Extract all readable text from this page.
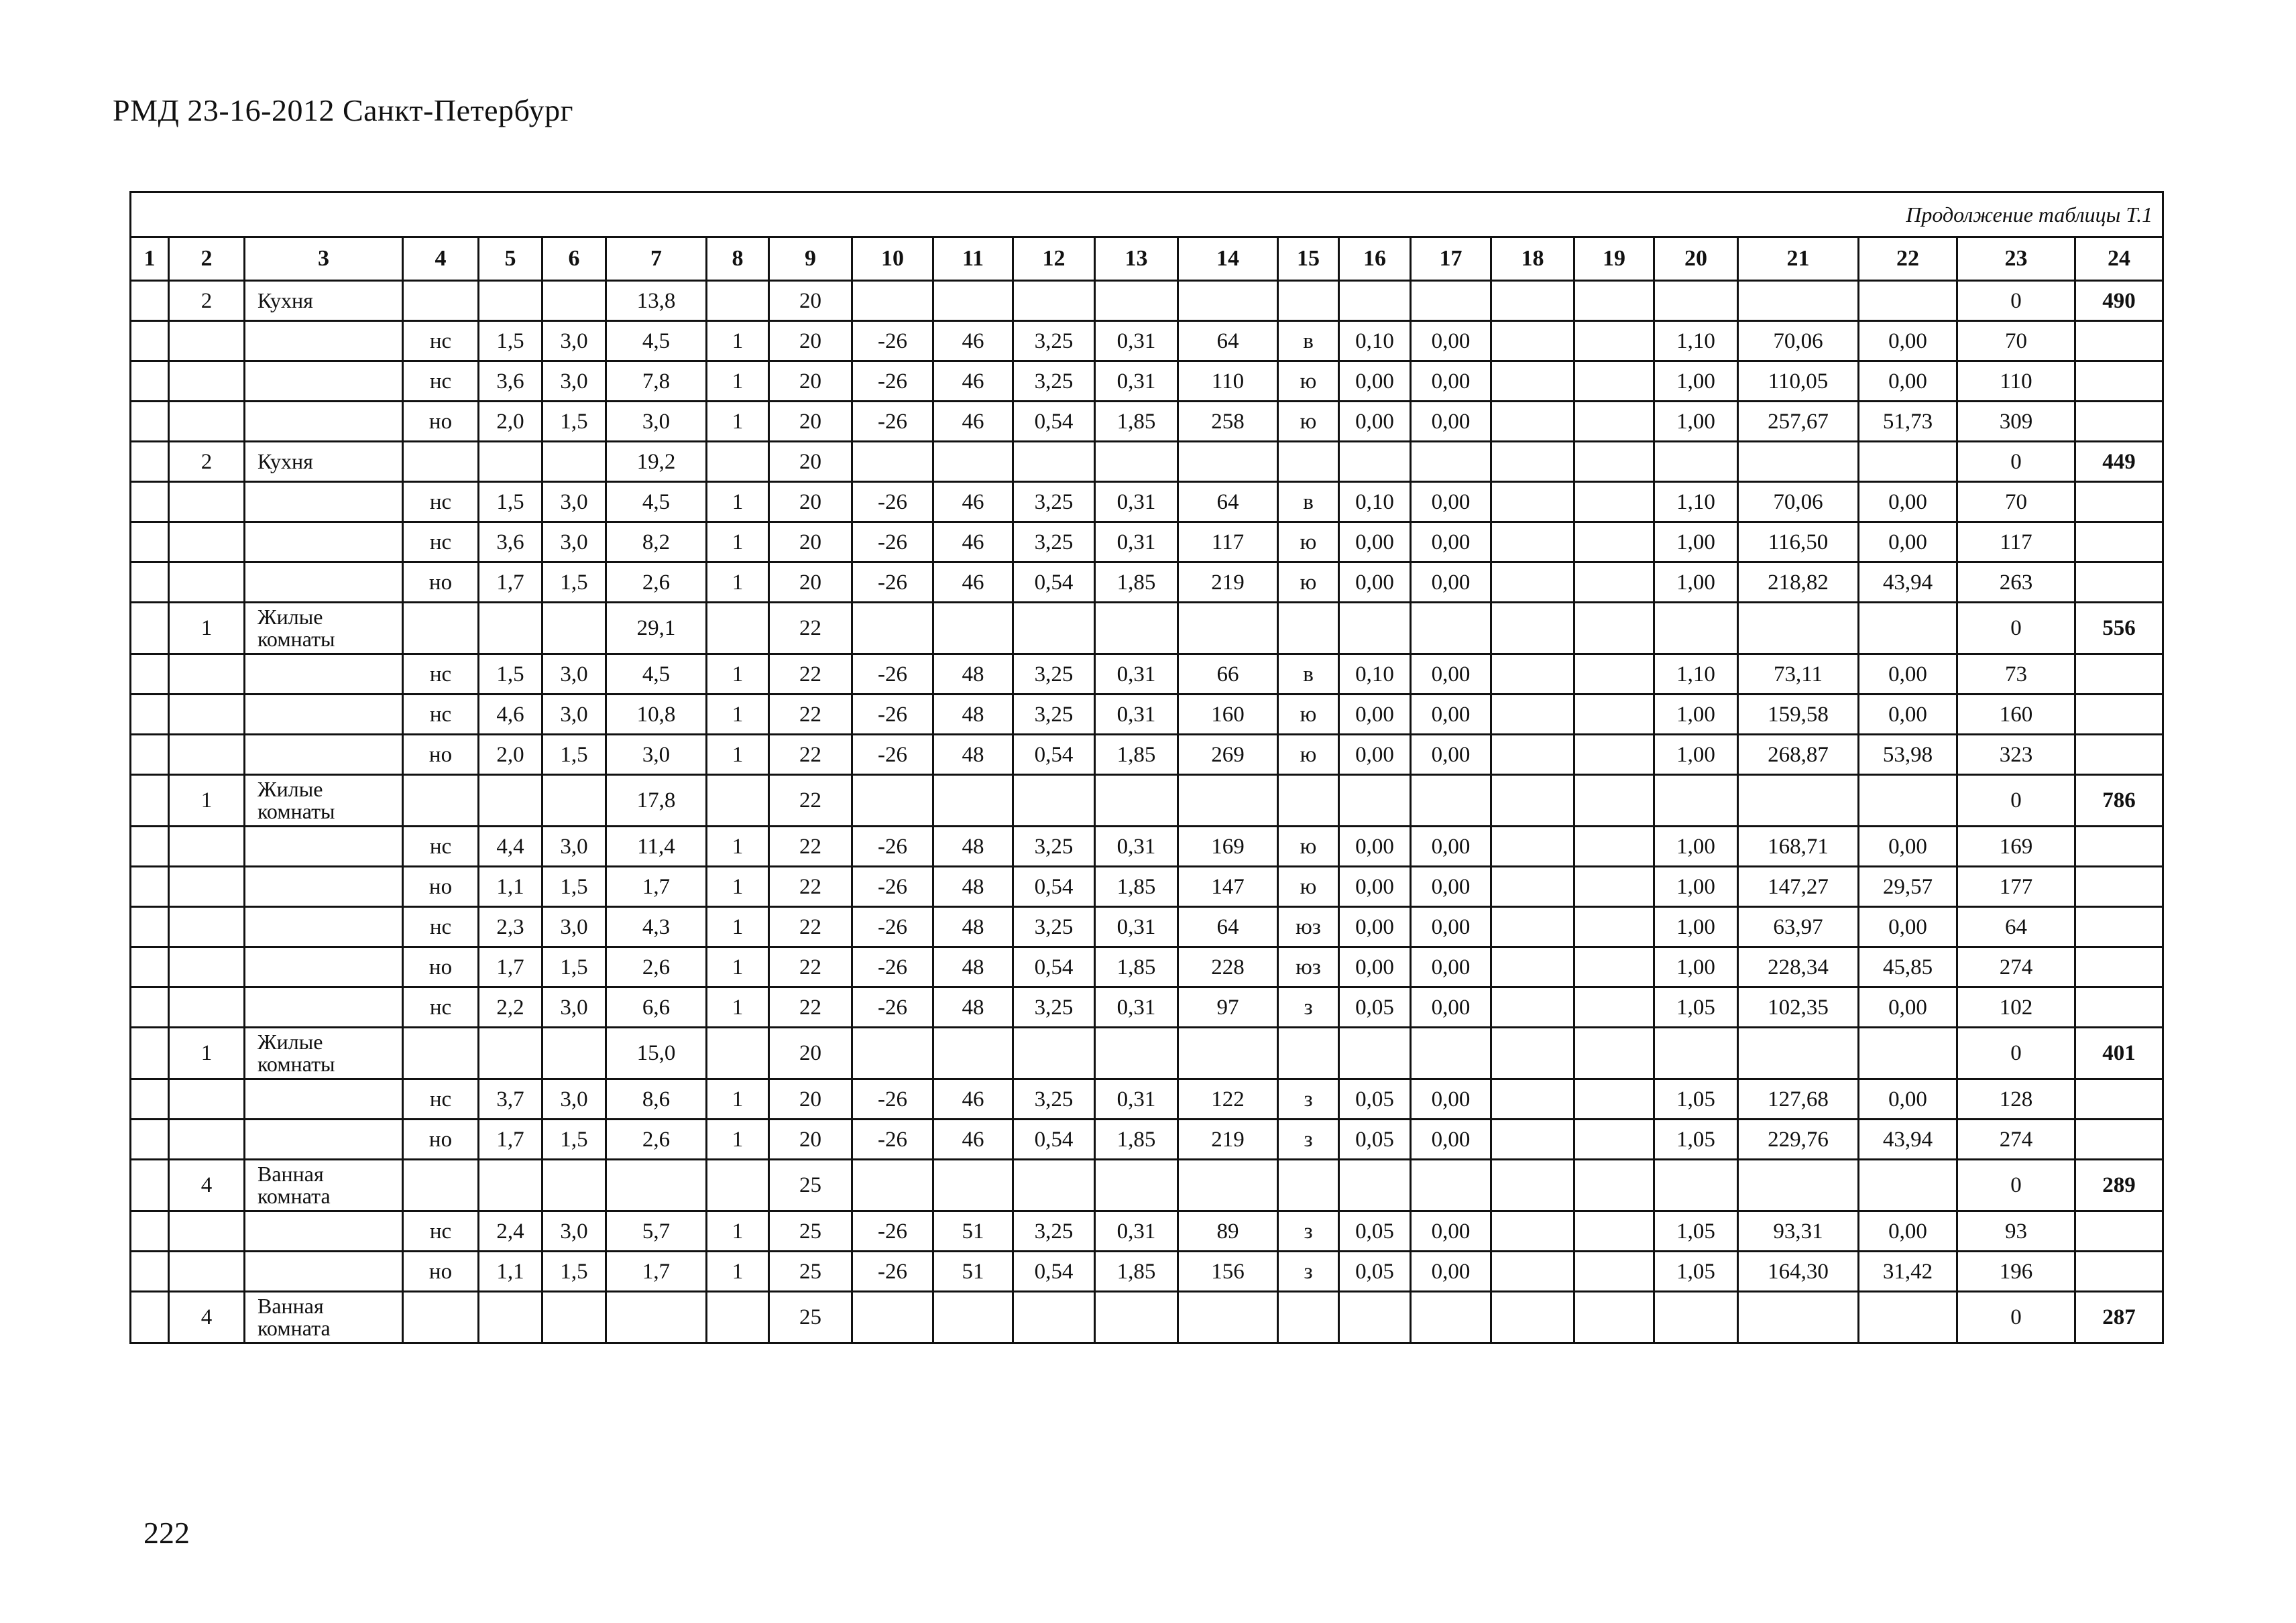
РМД 23-16-2012 Санкт-Петербург
Продолжение таблицы Т.1																							
1	2	3	4	5	6	7	8	9	10	11	12	13	14	15	16	17	18	19	20	21	22	23	24
	2	Кухня				13,8		20														0	490
			нс	1,5	3,0	4,5	1	20	-26	46	3,25	0,31	64	в	0,10	0,00			1,10	70,06	0,00	70	
			нс	3,6	3,0	7,8	1	20	-26	46	3,25	0,31	110	ю	0,00	0,00			1,00	110,05	0,00	110	
			но	2,0	1,5	3,0	1	20	-26	46	0,54	1,85	258	ю	0,00	0,00			1,00	257,67	51,73	309	
	2	Кухня				19,2		20														0	449
			нс	1,5	3,0	4,5	1	20	-26	46	3,25	0,31	64	в	0,10	0,00			1,10	70,06	0,00	70	
			нс	3,6	3,0	8,2	1	20	-26	46	3,25	0,31	117	ю	0,00	0,00			1,00	116,50	0,00	117	
			но	1,7	1,5	2,6	1	20	-26	46	0,54	1,85	219	ю	0,00	0,00			1,00	218,82	43,94	263	
	1	Жилые комнаты				29,1		22														0	556
			нс	1,5	3,0	4,5	1	22	-26	48	3,25	0,31	66	в	0,10	0,00			1,10	73,11	0,00	73	
			нс	4,6	3,0	10,8	1	22	-26	48	3,25	0,31	160	ю	0,00	0,00			1,00	159,58	0,00	160	
			но	2,0	1,5	3,0	1	22	-26	48	0,54	1,85	269	ю	0,00	0,00			1,00	268,87	53,98	323	
	1	Жилые комнаты				17,8		22														0	786
			нс	4,4	3,0	11,4	1	22	-26	48	3,25	0,31	169	ю	0,00	0,00			1,00	168,71	0,00	169	
			но	1,1	1,5	1,7	1	22	-26	48	0,54	1,85	147	ю	0,00	0,00			1,00	147,27	29,57	177	
			нс	2,3	3,0	4,3	1	22	-26	48	3,25	0,31	64	юз	0,00	0,00			1,00	63,97	0,00	64	
			но	1,7	1,5	2,6	1	22	-26	48	0,54	1,85	228	юз	0,00	0,00			1,00	228,34	45,85	274	
			нс	2,2	3,0	6,6	1	22	-26	48	3,25	0,31	97	з	0,05	0,00			1,05	102,35	0,00	102	
	1	Жилые комнаты				15,0		20														0	401
			нс	3,7	3,0	8,6	1	20	-26	46	3,25	0,31	122	з	0,05	0,00			1,05	127,68	0,00	128	
			но	1,7	1,5	2,6	1	20	-26	46	0,54	1,85	219	з	0,05	0,00			1,05	229,76	43,94	274	
	4	Ванная комната						25														0	289
			нс	2,4	3,0	5,7	1	25	-26	51	3,25	0,31	89	з	0,05	0,00			1,05	93,31	0,00	93	
			но	1,1	1,5	1,7	1	25	-26	51	0,54	1,85	156	з	0,05	0,00			1,05	164,30	31,42	196	
	4	Ванная комната						25														0	287
222
